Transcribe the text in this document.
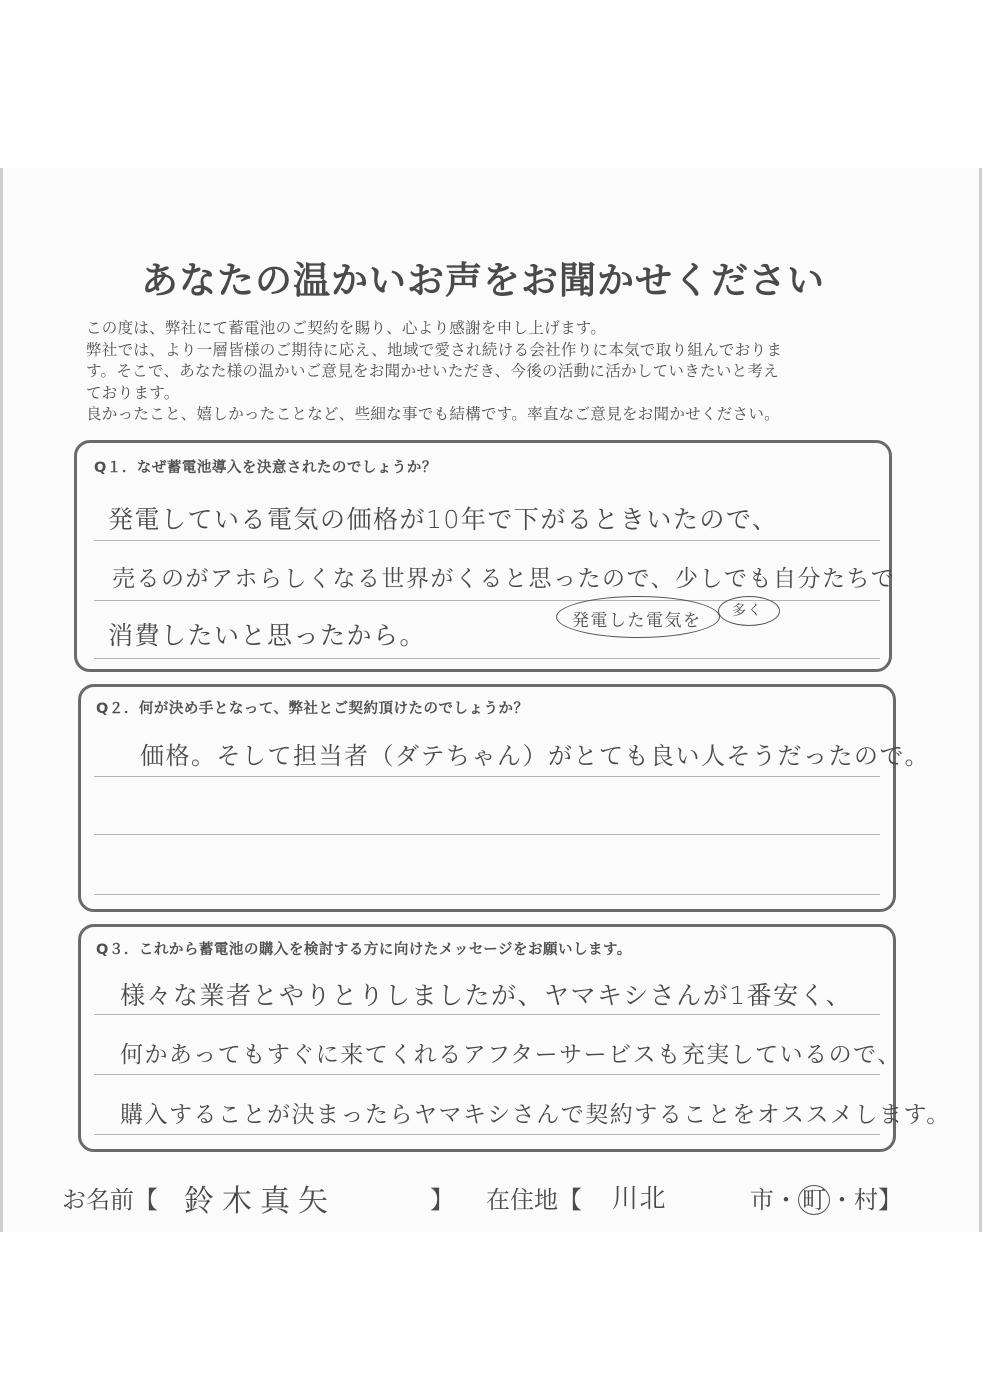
あなたの温かいお声をお聞かせください

この度は、弊社にて蓄電池のご契約を賜り、心より感謝を申し上げます。

弊社では、より一層皆様のご期待に応え、地域で愛され続ける会社作りに本気で取り組んでおりま

す。そこで、あなた様の温かいご意見をお聞かせいただき、今後の活動に活かしていきたいと考え

ております。

良かったこと、嬉しかったことなど、些細な事でも結構です。率直なご意見をお聞かせください。

Q１．なぜ蓄電池導入を決意されたのでしょうか？
発電している電気の価格が10年で下がるときいたので、
売るのがアホらしくなる世界がくると思ったので、少しでも自分たちで
消費したいと思ったから。	発電した電気を 多く
Q２．何が決め手となって、弊社とご契約頂けたのでしょうか？
価格。そして担当者（ダテちゃん）がとても良い人そうだったので。
Q３．これから蓄電池の購入を検討する方に向けたメッセージをお願いします。
様々な業者とやりとりしましたが、ヤマキシさんが1番安く、
何かあってもすぐに来てくれるアフターサービスも充実しているので、
購入することが決まったらヤマキシさんで契約することをオススメします。
お名前【 鈴木真矢	】 在住地【 川北	市・ 町 ・村】
